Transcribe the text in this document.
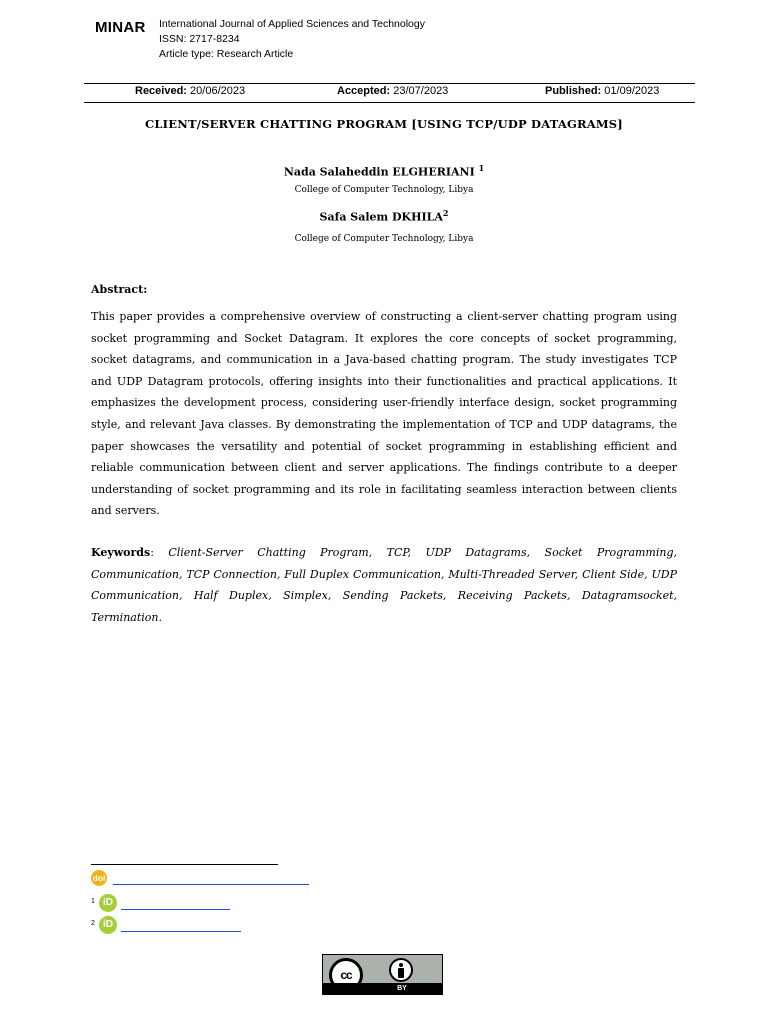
MINAR International Journal of Applied Sciences and Technology
ISSN: 2717-8234
Article type: Research Article
Received: 20/06/2023	Accepted: 23/07/2023	Published: 01/09/2023
CLIENT/SERVER CHATTING PROGRAM [USING TCP/UDP DATAGRAMS]
Nada Salaheddin ELGHERIANI $^1$
College of Computer Technology, Libya
Safa Salem DKHILA$^2$
College of Computer Technology, Libya
Abstract:
This paper provides a comprehensive overview of constructing a client-server chatting program using socket programming and Socket Datagram. It explores the core concepts of socket programming, socket datagrams, and communication in a Java-based chatting program. The study investigates TCP and UDP Datagram protocols, offering insights into their functionalities and practical applications. It emphasizes the development process, considering user-friendly interface design, socket programming style, and relevant Java classes. By demonstrating the implementation of TCP and UDP datagrams, the paper showcases the versatility and potential of socket programming in establishing efficient and reliable communication between client and server applications. The findings contribute to a deeper understanding of socket programming and its role in facilitating seamless interaction between clients and servers.
Keywords: Client-Server Chatting Program, TCP, UDP Datagrams, Socket Programming, Communication, TCP Connection, Full Duplex Communication, Multi-Threaded Server, Client Side, UDP Communication, Half Duplex, Simplex, Sending Packets, Receiving Packets, Datagramsocket, Termination.
doi
1 iD
2 iD
cc
BY
